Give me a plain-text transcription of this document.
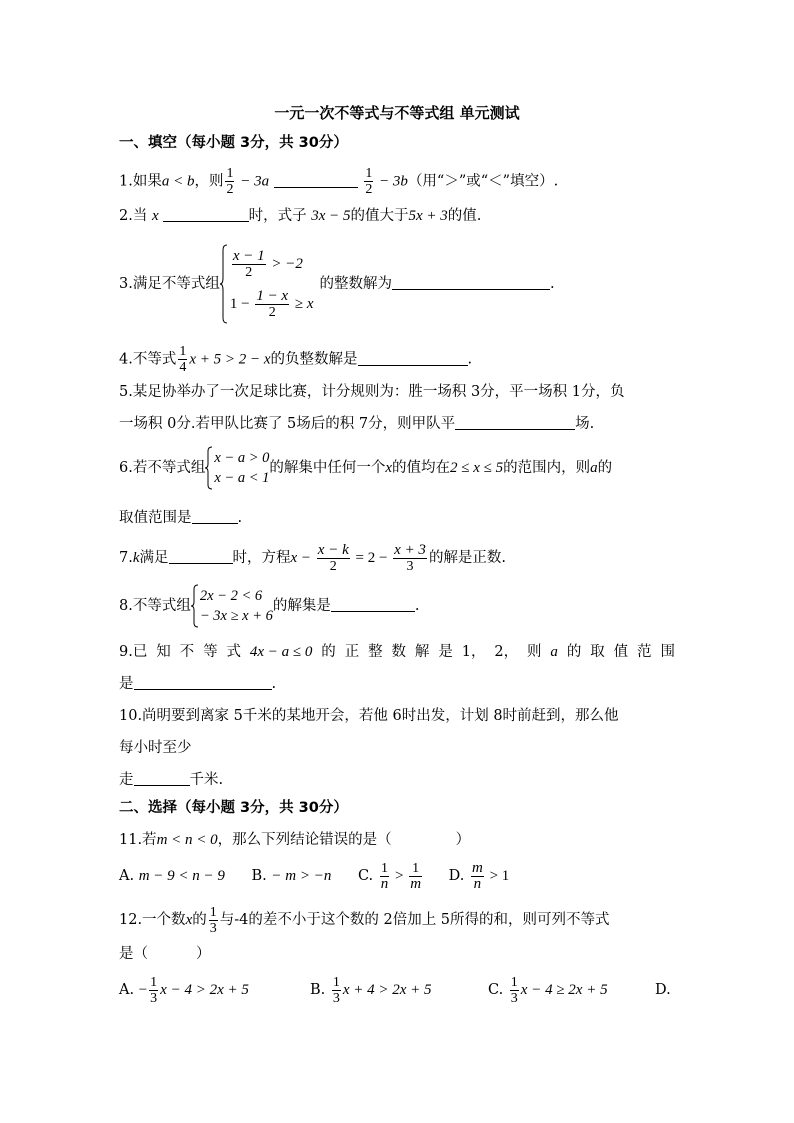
一元一次不等式与不等式组 单元测试
一、填空（每小题 3分，共 30分）
1.如果a < b，则 $\frac{1}{2} - 3a$	$\frac{1}{2} - 3b$（用“＞”或“＜”填空）.
2.当 x	时，式子 3x − 5的值大于5x + 3的值.
3.满足不等式组
$\frac{x - 1}{2} > -2$
$1 - \frac{1 - x}{2} \ge x$
的整数解为	.
4.不等式 $\frac{1}{4}$ x + 5 > 2 − x的负整数解是	.
5.某足协举办了一次足球比赛，计分规则为：胜一场积 3分，平一场积 1分，负
一场积 0分.若甲队比赛了 5场后的积 7分，则甲队平	场.
6.若不等式组
x − a > 0
x − a < 1
的解集中任何一个x的值均在2 ≤ x ≤ 5的范围内，则a的
取值范围是	.
7.k满足	时，方程$x - \frac{x - k}{2} = 2 - \frac{x + 3}{3}$ 的解是正数.
8.不等式组
2x − 2 < 6
− 3x ≥ x + 6
的解集是	.
9.已 知 不 等 式 4x − a ≤ 0 的 正 整 数 解 是 1， 2， 则 a 的 取 值 范 围
是	.
10.尚明要到离家 5千米的某地开会，若他 6时出发，计划 8时前赶到，那么他
每小时至少
走	千米.
二、选择（每小题 3分，共 30分）
11.若m < n < 0，那么下列结论错误的是（	）
A. m − 9 < n − 9 B. − m > −n C. $\frac{1}{n} > \frac{1}{m} D$. $\frac{m}{n} > 1$
12.一个数x的 $\frac{1}{3}$ 与-4的差不小于这个数的 2倍加上 5所得的和，则可列不等式
是（	）
A. − $\frac{1}{3}$ x − 4 > 2x + 5	B. $\frac{1}{3}$ x + 4 > 2x + 5	C. $\frac{1}{3}$ x − 4 ≥ 2x + 5	D.
